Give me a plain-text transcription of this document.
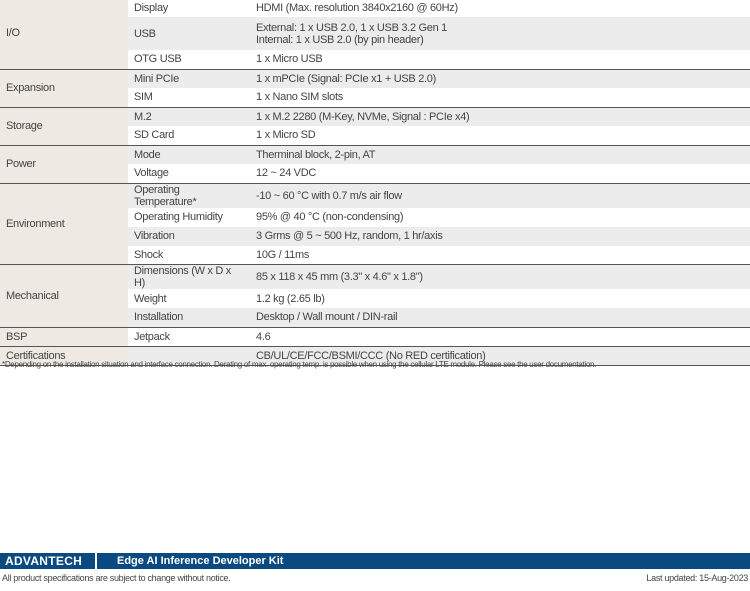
I/O	Display	HDMI (Max. resolution 3840x2160 @ 60Hz)
	USB	External: 1 x USB 2.0, 1 x USB 3.2 Gen 1
Internal: 1 x USB 2.0 (by pin header)
	OTG USB	1 x Micro USB
Expansion	Mini PCIe	1 x mPCIe (Signal: PCIe x1 + USB 2.0)
	SIM	1 x Nano SIM slots
Storage	M.2	1 x M.2 2280 (M-Key, NVMe, Signal : PCIe x4)
	SD Card	1 x Micro SD
Power	Mode	Therminal block, 2-pin, AT
	Voltage	12 ~ 24 VDC
Environment	Operating Temperature*	-10 ~ 60 °C with 0.7 m/s air flow
	Operating Humidity	95% @ 40 °C (non-condensing)
	Vibration	3 Grms @ 5 ~ 500 Hz, random, 1 hr/axis
	Shock	10G / 11ms
Mechanical	Dimensions (W x D x H)	85 x 118 x 45 mm (3.3" x 4.6" x 1.8")
	Weight	1.2 kg (2.65 lb)
	Installation	Desktop / Wall mount / DIN-rail
BSP	Jetpack	4.6
Certifications		CB/UL/CE/FCC/BSMI/CCC (No RED certification)
*Depending on the installation situation and interface connection. Derating of max. operating temp. is possible when using the cellular LTE module. Please see the user documentation.
ADVANTECH	Edge AI Inference Developer Kit
All product specifications are subject to change without notice.	Last updated: 15-Aug-2023
